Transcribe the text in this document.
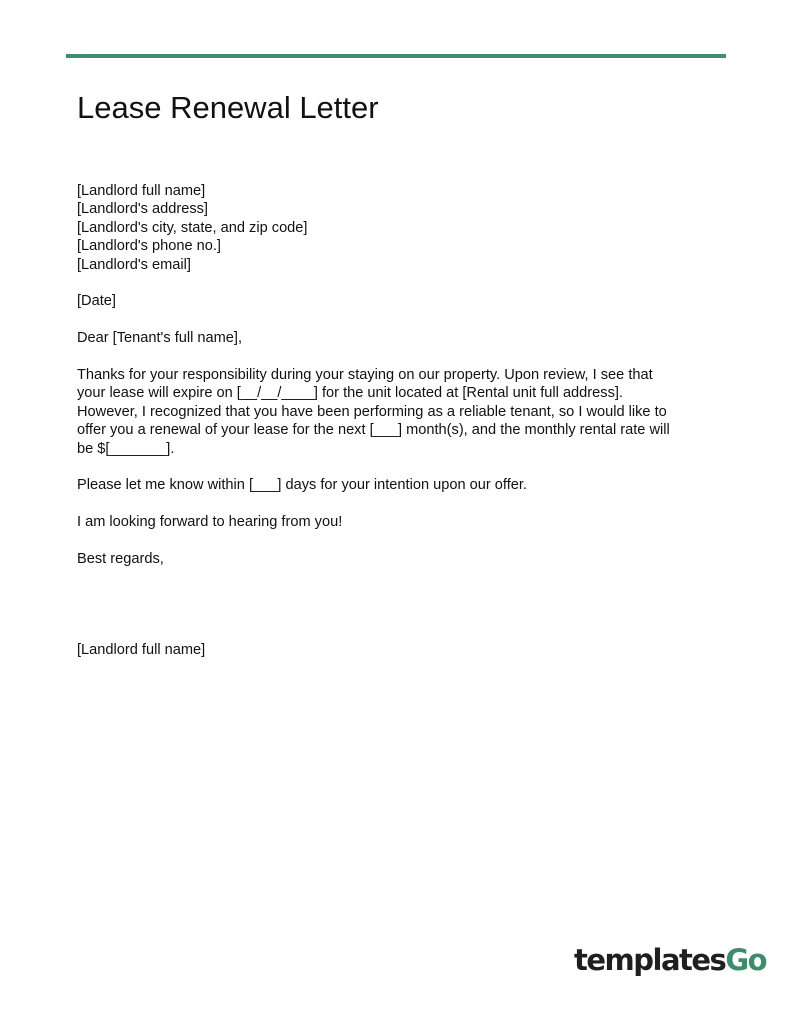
Lease Renewal Letter
[Landlord full name]
[Landlord's address]
[Landlord's city, state, and zip code]
[Landlord's phone no.]
[Landlord's email]
[Date]
Dear [Tenant's full name],
Thanks for your responsibility during your staying on our property. Upon review, I see that
your lease will expire on [__/__/____] for the unit located at [Rental unit full address].
However, I recognized that you have been performing as a reliable tenant, so I would like to
offer you a renewal of your lease for the next [___] month(s), and the monthly rental rate will
be $[_______].
Please let me know within [___] days for your intention upon our offer.
I am looking forward to hearing from you!
Best regards,
[Landlord full name]
templatesGo
